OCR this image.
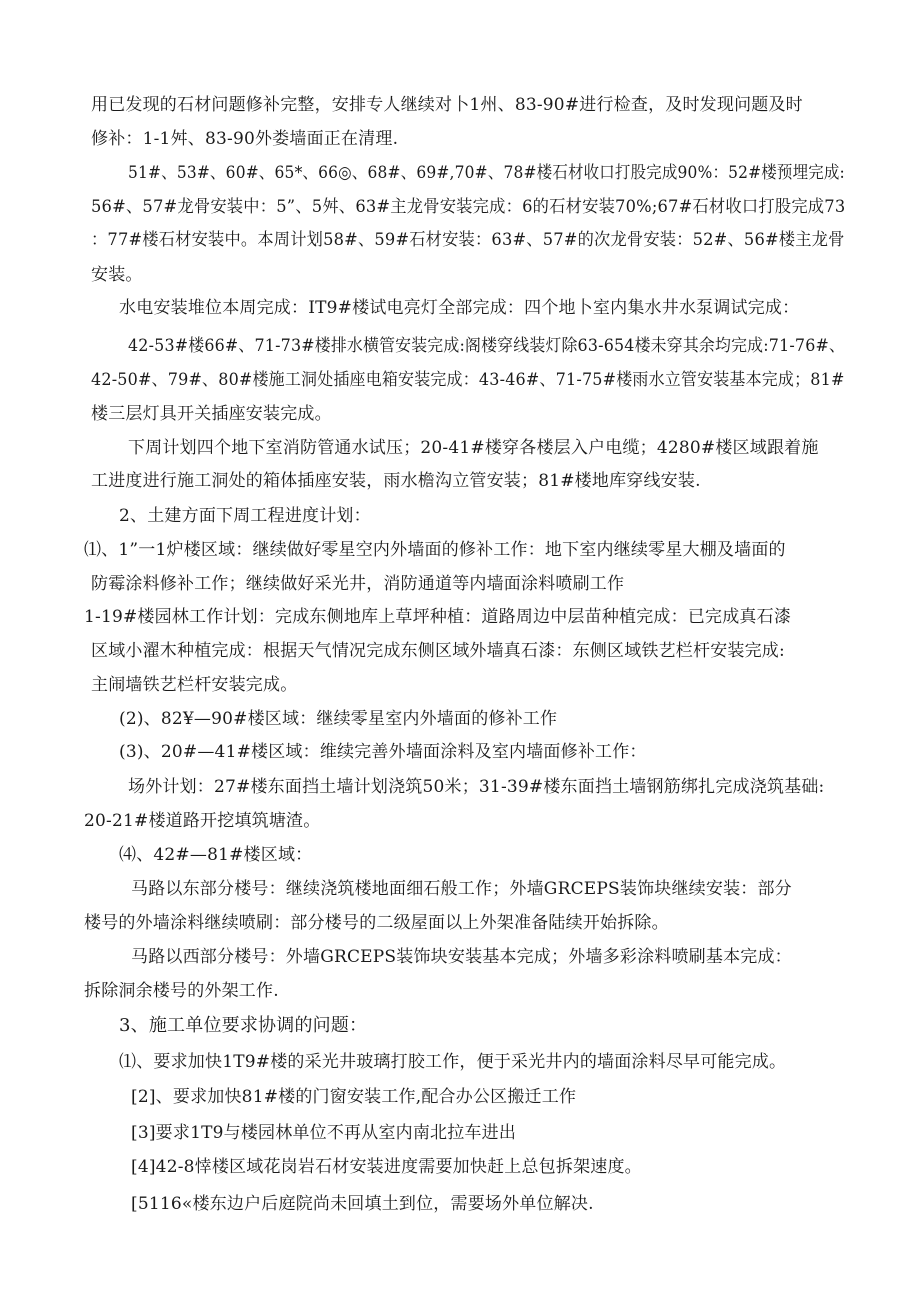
用已发现的石材问题修补完整，安排专人继续对卜1州、83-90#进行检查，及时发现问题及时
修补：1-1舛、83-90外娄墙面正在清理.
51#、53#、60#、65*、66◎、68#、69#,70#、78#楼石材收口打股完成90%：52#楼预埋完成:
56#、57#龙骨安装中：5”、5舛、63#主龙骨安装完成：6的石材安装70%;67#石材收口打股完成73
：77#楼石材安装中。本周计划58#、59#石材安装：63#、57#的次龙骨安装：52#、56#楼主龙骨
安装。
水电安装堆位本周完成：IT9#楼试电亮灯全部完成：四个地卜室内集水井水泵调试完成：
42-53#楼66#、71-73#楼排水横管安装完成:阁楼穿线装灯除63-654楼未穿其余均完成:71-76#、
42-50#、79#、80#楼施工洞处插座电箱安装完成：43-46#、71-75#楼雨水立管安装基本完成；81#
楼三层灯具开关插座安装完成。
下周计划四个地下室消防管通水试压；20-41#楼穿各楼层入户电缆；4280#楼区域跟着施
工进度进行施工洞处的箱体插座安装，雨水檐沟立管安装；81#楼地库穿线安装.
2、土建方面下周工程进度计划：
⑴、1”一1炉楼区域：继续做好零星空内外墙面的修补工作：地下室内继续零星大棚及墙面的
防霉涂料修补工作；继续做好采光井，消防通道等内墙面涂料喷刷工作
1-19#楼园林工作计划：完成东侧地库上草坪种植：道路周边中层苗种植完成：已完成真石漆
区域小濯木种植完成：根据天气情况完成东侧区域外墙真石漆：东侧区域铁艺栏杆安装完成:
主闹墙铁艺栏杆安装完成。
(2)、82¥—90#楼区域：继续零星室内外墙面的修补工作
(3)、20#—41#楼区域：维续完善外墙面涂料及室内墙面修补工作：
场外计划：27#楼东面挡土墙计划浇筑50米；31-39#楼东面挡土墙钢筋绑扎完成浇筑基础:
20-21#楼道路开挖填筑塘渣。
⑷、42#—81#楼区域：
马路以东部分楼号：继续浇筑楼地面细石般工作；外墙GRCEPS装饰块继续安装：部分
楼号的外墙涂料继续喷刷：部分楼号的二级屋面以上外架准备陆续开始拆除。
马路以西部分楼号：外墙GRCEPS装饰块安装基本完成；外墙多彩涂料喷刷基本完成：
拆除洞余楼号的外架工作.
3、施工单位要求协调的问题：
⑴、要求加快1T9#楼的采光井玻璃打胶工作，便于采光井内的墙面涂料尽早可能完成。
[2]、要求加快81#楼的门窗安装工作,配合办公区搬迁工作
[3]要求1T9与楼园林单位不再从室内南北拉车进出
[4]42-8悻楼区域花岗岩石材安装进度需要加快赶上总包拆架速度。
[5116«楼东边户后庭院尚未回填土到位，需要场外单位解决.
